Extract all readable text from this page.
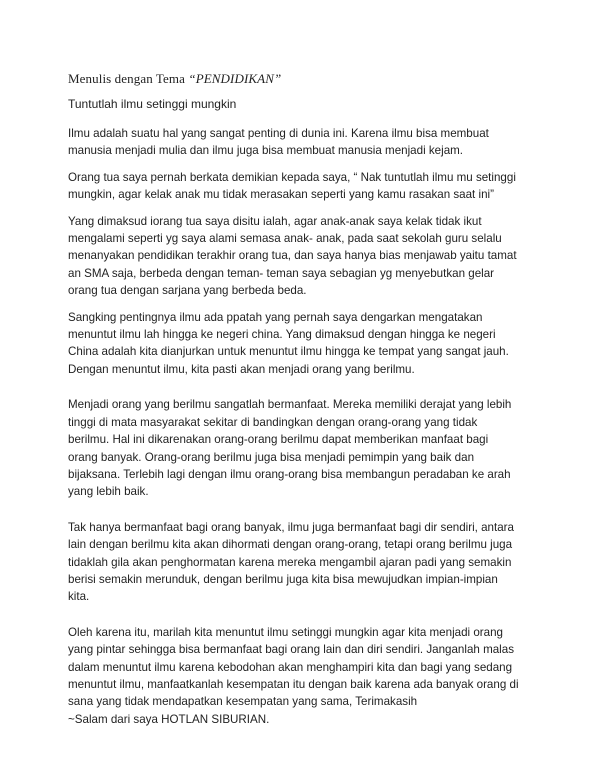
Menulis dengan Tema “PENDIDIKAN”
Tuntutlah ilmu setinggi mungkin

Ilmu adalah suatu hal yang sangat penting di dunia ini. Karena ilmu bisa membuat
manusia menjadi mulia dan ilmu juga bisa membuat manusia menjadi kejam.

Orang tua saya pernah berkata demikian kepada saya, “ Nak tuntutlah ilmu mu setinggi
mungkin, agar kelak anak mu tidak merasakan seperti yang kamu rasakan saat ini”

Yang dimaksud iorang tua saya disitu ialah, agar anak-anak saya kelak tidak ikut
mengalami seperti yg saya alami semasa anak- anak, pada saat sekolah guru selalu
menanyakan pendidikan terakhir orang tua, dan saya hanya bias menjawab yaitu tamat
an SMA saja, berbeda dengan teman- teman saya sebagian yg menyebutkan gelar
orang tua dengan sarjana yang berbeda beda.

Sangking pentingnya ilmu ada ppatah yang pernah saya dengarkan mengatakan
menuntut ilmu lah hingga ke negeri china. Yang dimaksud dengan hingga ke negeri
China adalah kita dianjurkan untuk menuntut ilmu hingga ke tempat yang sangat jauh.
Dengan menuntut ilmu, kita pasti akan menjadi orang yang berilmu.

Menjadi orang yang berilmu sangatlah bermanfaat. Mereka memiliki derajat yang lebih
tinggi di mata masyarakat sekitar di bandingkan dengan orang-orang yang tidak
berilmu. Hal ini dikarenakan orang-orang berilmu dapat memberikan manfaat bagi
orang banyak. Orang-orang berilmu juga bisa menjadi pemimpin yang baik dan
bijaksana. Terlebih lagi dengan ilmu orang-orang bisa membangun peradaban ke arah
yang lebih baik.

Tak hanya bermanfaat bagi orang banyak, ilmu juga bermanfaat bagi dir sendiri, antara
lain dengan berilmu kita akan dihormati dengan orang-orang, tetapi orang berilmu juga
tidaklah gila akan penghormatan karena mereka mengambil ajaran padi yang semakin
berisi semakin merunduk, dengan berilmu juga kita bisa mewujudkan impian-impian
kita.

Oleh karena itu, marilah kita menuntut ilmu setinggi mungkin agar kita menjadi orang
yang pintar sehingga bisa bermanfaat bagi orang lain dan diri sendiri. Janganlah malas
dalam menuntut ilmu karena kebodohan akan menghampiri kita dan bagi yang sedang
menuntut ilmu, manfaatkanlah kesempatan itu dengan baik karena ada banyak orang di
sana yang tidak mendapatkan kesempatan yang sama, Terimakasih
~Salam dari saya HOTLAN SIBURIAN.
